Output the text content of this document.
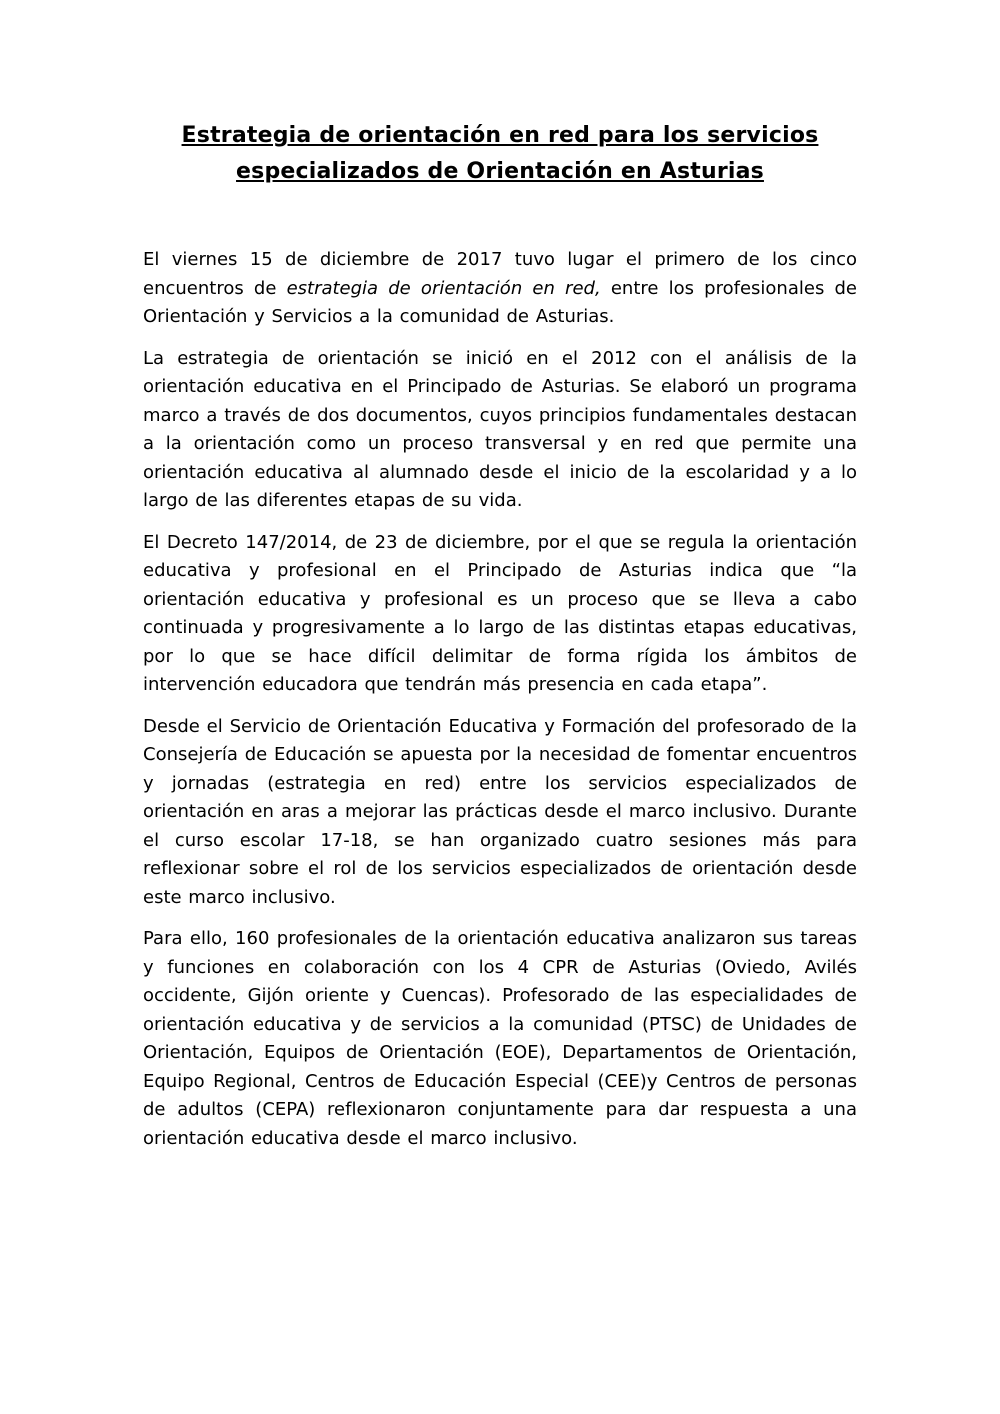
Estrategia de orientación en red para los servicios especializados de Orientación en Asturias

El viernes 15 de diciembre de 2017 tuvo lugar el primero de los cinco encuentros de estrategia de orientación en red, entre los profesionales de Orientación y Servicios a la comunidad de Asturias.

La estrategia de orientación se inició en el 2012 con el análisis de la orientación educativa en el Principado de Asturias. Se elaboró un programa marco a través de dos documentos, cuyos principios fundamentales destacan a la orientación como un proceso transversal y en red que permite una orientación educativa al alumnado desde el inicio de la escolaridad y a lo largo de las diferentes etapas de su vida.

El Decreto 147/2014, de 23 de diciembre, por el que se regula la orientación educativa y profesional en el Principado de Asturias indica que “la orientación educativa y profesional es un proceso que se lleva a cabo continuada y progresivamente a lo largo de las distintas etapas educativas, por lo que se hace difícil delimitar de forma rígida los ámbitos de intervención educadora que tendrán más presencia en cada etapa”.

Desde el Servicio de Orientación Educativa y Formación del profesorado de la Consejería de Educación se apuesta por la necesidad de fomentar encuentros y jornadas (estrategia en red) entre los servicios especializados de orientación en aras a mejorar las prácticas desde el marco inclusivo. Durante el curso escolar 17-18, se han organizado cuatro sesiones más para reflexionar sobre el rol de los servicios especializados de orientación desde este marco inclusivo.

Para ello, 160 profesionales de la orientación educativa analizaron sus tareas y funciones en colaboración con los 4 CPR de Asturias (Oviedo, Avilés occidente, Gijón oriente y Cuencas). Profesorado de las especialidades de orientación educativa y de servicios a la comunidad (PTSC) de Unidades de Orientación, Equipos de Orientación (EOE), Departamentos de Orientación, Equipo Regional, Centros de Educación Especial (CEE)y Centros de personas de adultos (CEPA) reflexionaron conjuntamente para dar respuesta a una orientación educativa desde el marco inclusivo.
